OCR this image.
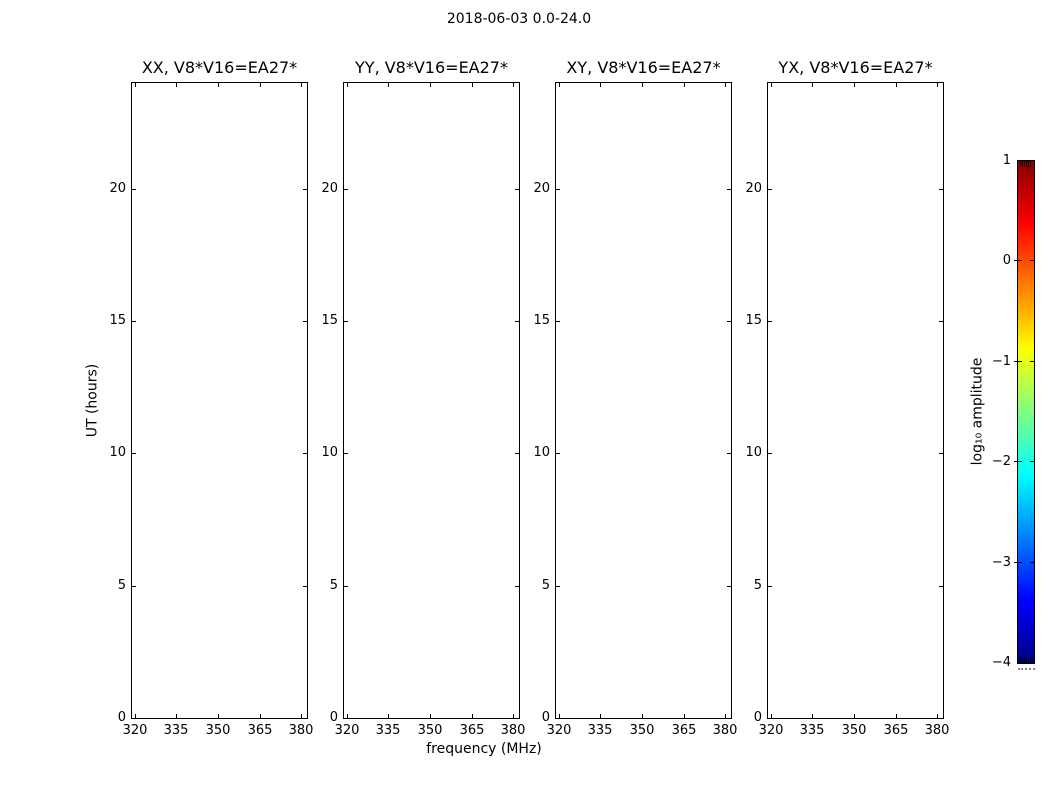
2018-06-03 0.0-24.0
UT (hours)
frequency (MHz)
XX, V8*V16=EA27*
320	335	350	365	380
0
5
10
15
20
YY, V8*V16=EA27*
320	335	350	365	380
0
5
10
15
20
XY, V8*V16=EA27*
320	335	350	365	380
0
5
10
15
20
YX, V8*V16=EA27*
320	335	350	365	380
0
5
10
15
20
log₁₀ amplitude
1
0
−1
−2
−3
−4
